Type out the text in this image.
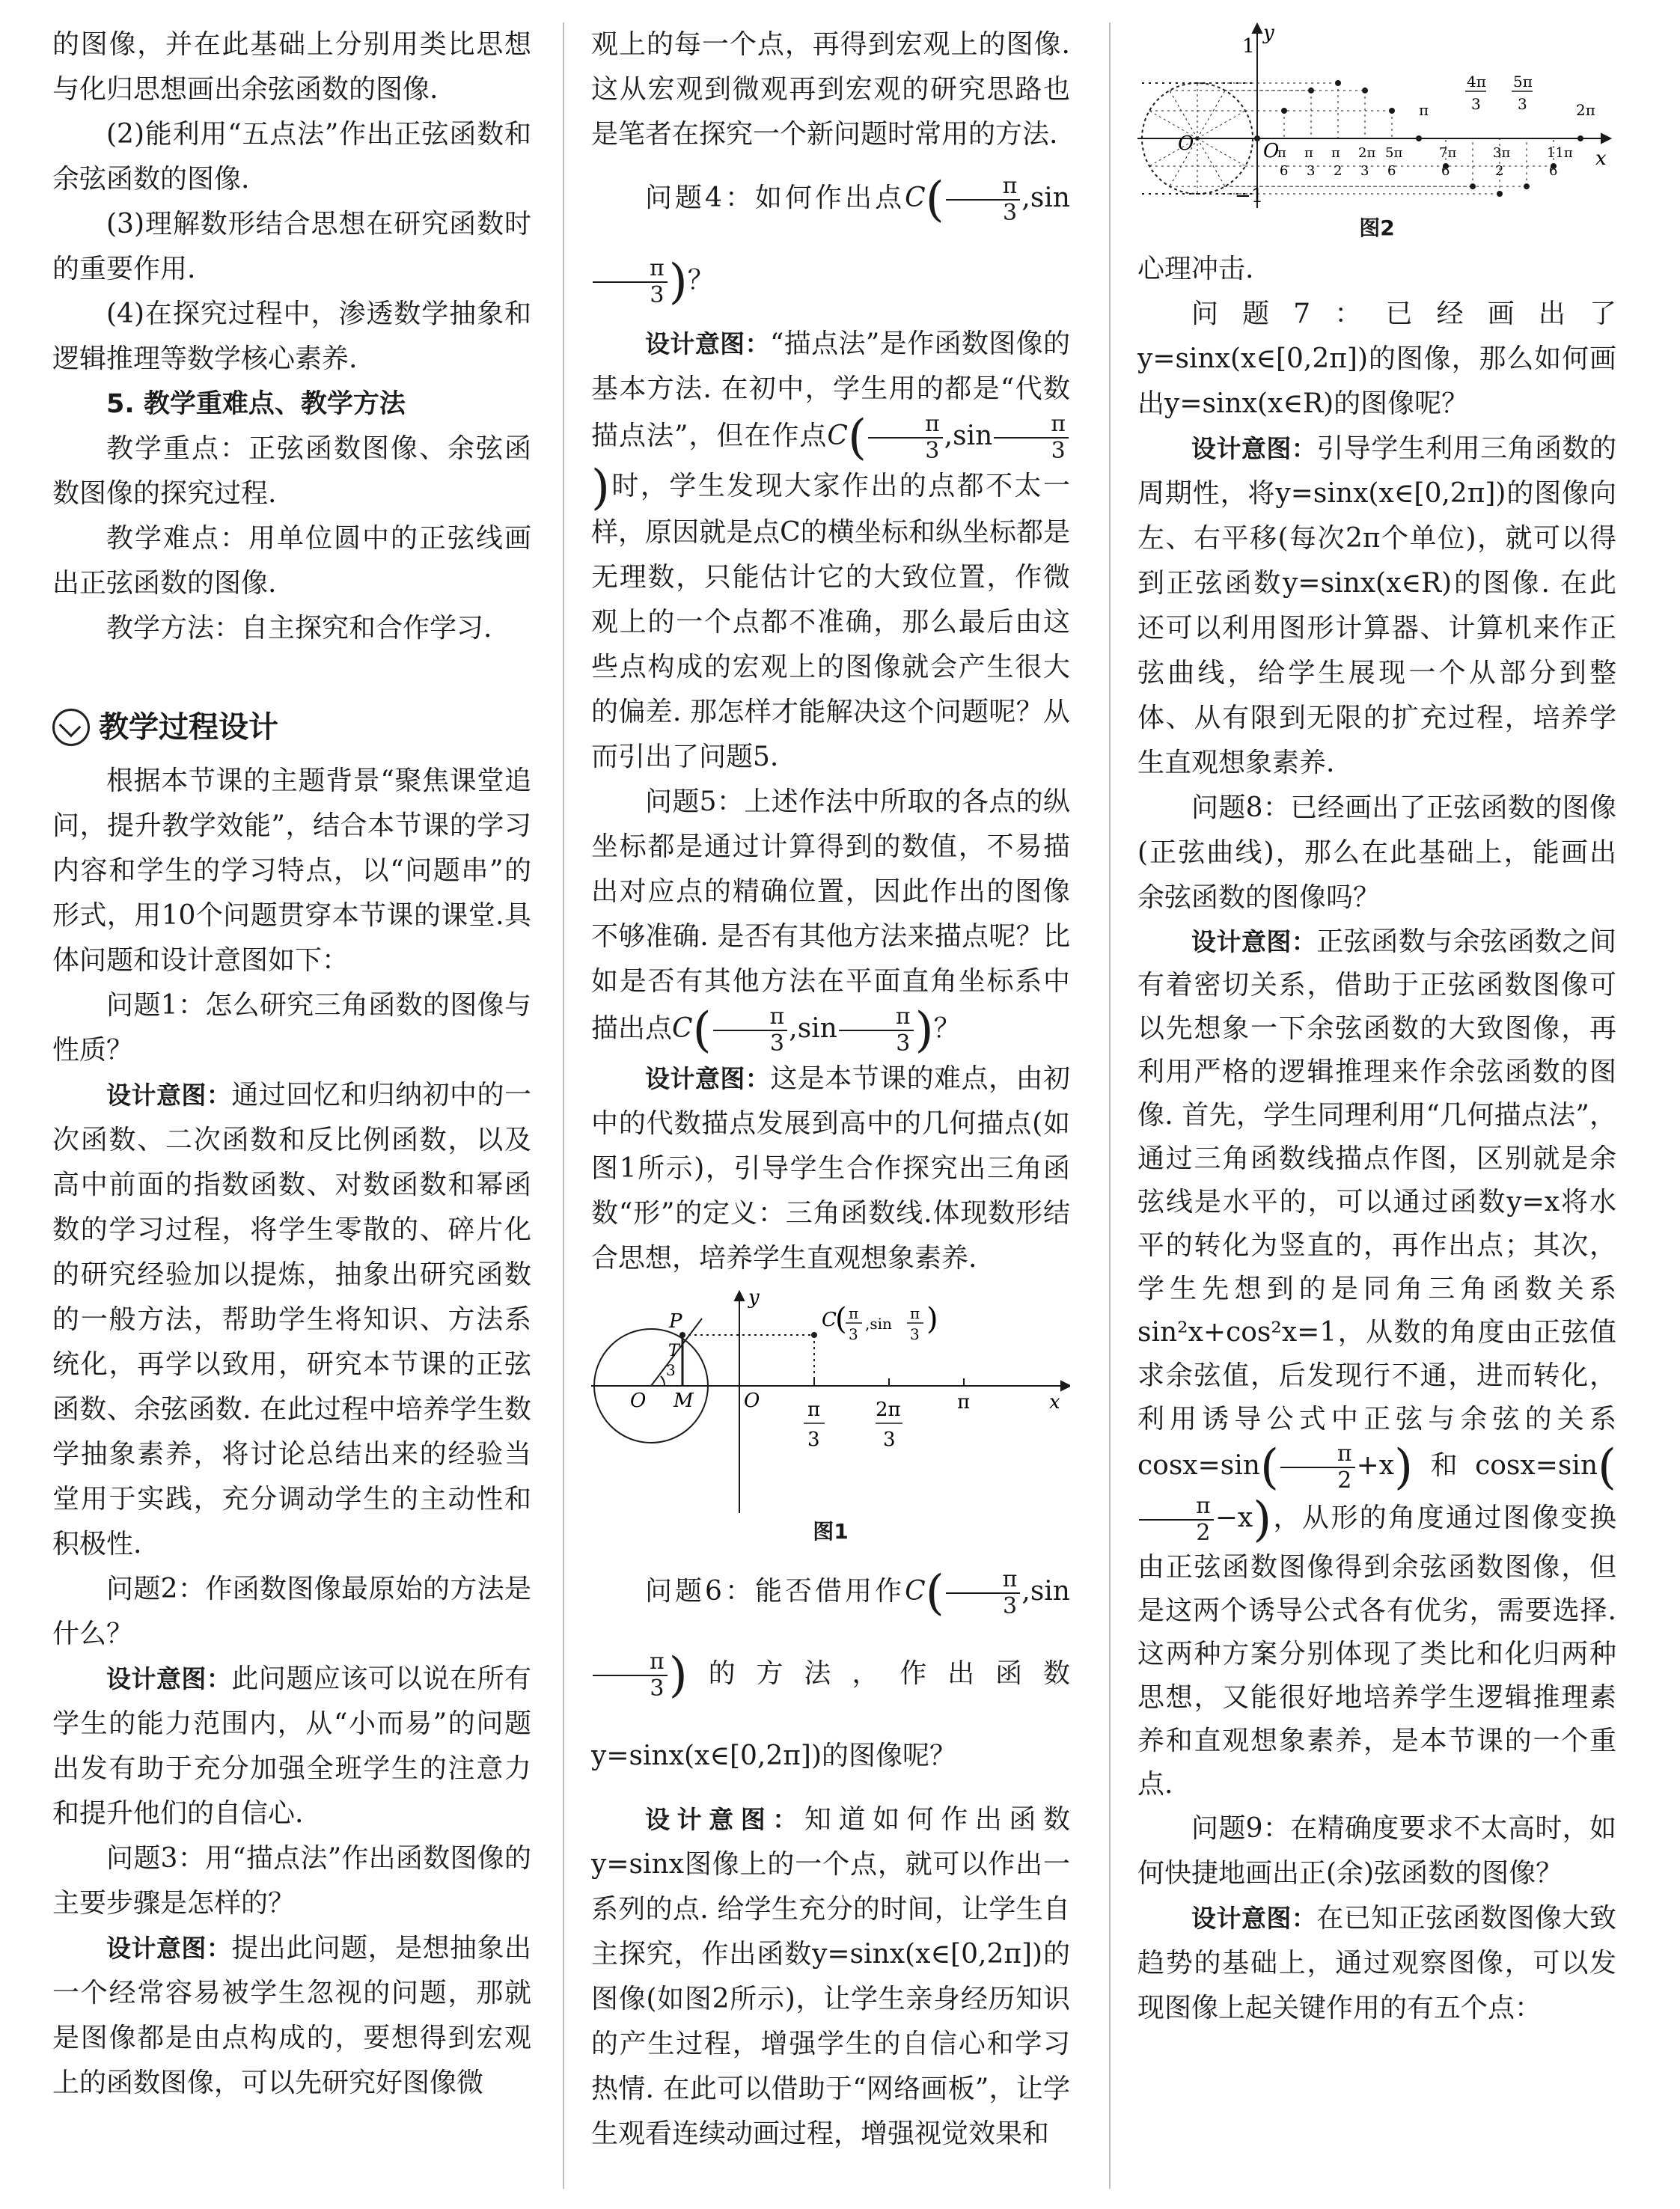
的图像，并在此基础上分别用类比思想与化归思想画出余弦函数的图像.

(2)能利用“五点法”作出正弦函数和余弦函数的图像.

(3)理解数形结合思想在研究函数时的重要作用.

(4)在探究过程中，渗透数学抽象和逻辑推理等数学核心素养.

5. 教学重难点、教学方法

教学重点：正弦函数图像、余弦函数图像的探究过程.

教学难点：用单位圆中的正弦线画出正弦函数的图像.

教学方法：自主探究和合作学习.

教学过程设计

根据本节课的主题背景“聚焦课堂追问，提升教学效能”，结合本节课的学习内容和学生的学习特点，以“问题串”的形式，用10个问题贯穿本节课的课堂.具体问题和设计意图如下：

问题1：怎么研究三角函数的图像与性质？

设计意图：通过回忆和归纳初中的一次函数、二次函数和反比例函数，以及高中前面的指数函数、对数函数和幂函数的学习过程，将学生零散的、碎片化的研究经验加以提炼，抽象出研究函数的一般方法，帮助学生将知识、方法系统化，再学以致用，研究本节课的正弦函数、余弦函数. 在此过程中培养学生数学抽象素养，将讨论总结出来的经验当堂用于实践，充分调动学生的主动性和积极性.

问题2：作函数图像最原始的方法是什么？

设计意图：此问题应该可以说在所有学生的能力范围内，从“小而易”的问题出发有助于充分加强全班学生的注意力和提升他们的自信心.

问题3：用“描点法”作出函数图像的主要步骤是怎样的？

设计意图：提出此问题，是想抽象出一个经常容易被学生忽视的问题，那就是图像都是由点构成的，要想得到宏观上的函数图像，可以先研究好图像微

观上的每一个点，再得到宏观上的图像. 这从宏观到微观再到宏观的研究思路也是笔者在探究一个新问题时常用的方法.

问题4：如何作出点$C( \frac{\pi}{3} ,\sin$
$\frac{\pi}{3}$ )？

设计意图：“描点法”是作函数图像的基本方法. 在初中，学生用的都是“代数描点法”，但在作点$C( \frac{\pi}{3} ,\sin \frac{\pi}{3}$
)时，学生发现大家作出的点都不太一样，原因就是点C的横坐标和纵坐标都是无理数，只能估计它的大致位置，作微观上的一个点都不准确，那么最后由这些点构成的宏观上的图像就会产生很大的偏差. 那怎样才能解决这个问题呢？从而引出了问题5.

问题5：上述作法中所取的各点的纵坐标都是通过计算得到的数值，不易描出对应点的精确位置，因此作出的图像不够准确. 是否有其他方法来描点呢？比如是否有其他方法在平面直角坐标系中描出点$C( \frac{\pi}{3} ,\sin \frac{\pi}{3}$ )？

设计意图：这是本节课的难点，由初中的代数描点发展到高中的几何描点(如图1所示)，引导学生合作探究出三角函数“形”的定义：三角函数线.体现数形结合思想，培养学生直观想象素养.

y
x
P
T
3
O M	O
C
( π
3
,sin
π
3 )
π
3
2π
3
π
图1

问题6：能否借用作$C( \frac{\pi}{3} ,\sin$
$\frac{\pi}{3}$ )的方法，作出函数y=sinx(x∈[0,2π])的图像呢？

设计意图：知道如何作出函数y=sinx图像上的一个点，就可以作出一系列的点. 给学生充分的时间，让学生自主探究，作出函数y=sinx(x∈[0,2π])的图像(如图2所示)，让学生亲身经历知识的产生过程，增强学生的自信心和学习热情. 在此可以借助于“网络画板”，让学生观看连续动画过程，增强视觉效果和

1
−1
y
x
O	O
π
4π
3
5π
3	2π
π
6
π
3
π
2
2π
3
5π
6
7π
6
3π
2
11π
6
图2

心理冲击.

问题7：已经画出了y=sinx(x∈[0,2π])的图像，那么如何画出y=sinx(x∈R)的图像呢？

设计意图：引导学生利用三角函数的周期性，将y=sinx(x∈[0,2π])的图像向左、右平移(每次2π个单位)，就可以得到正弦函数y=sinx(x∈R)的图像. 在此还可以利用图形计算器、计算机来作正弦曲线，给学生展现一个从部分到整体、从有限到无限的扩充过程，培养学生直观想象素养.

问题8：已经画出了正弦函数的图像(正弦曲线)，那么在此基础上，能画出余弦函数的图像吗？

设计意图：正弦函数与余弦函数之间有着密切关系，借助于正弦函数图像可以先想象一下余弦函数的大致图像，再利用严格的逻辑推理来作余弦函数的图像. 首先，学生同理利用“几何描点法”，通过三角函数线描点作图，区别就是余弦线是水平的，可以通过函数y=x将水平的转化为竖直的，再作出点；其次，学生先想到的是同角三角函数关系sin²x+cos²x=1，从数的角度由正弦值求余弦值，后发现行不通，进而转化，利用诱导公式中正弦与余弦的关系$\cos x=\sin( \frac{\pi}{2} +x)$和cosx=sin(
$\frac{\pi}{2} -x$)，从形的角度通过图像变换由正弦函数图像得到余弦函数图像，但是这两个诱导公式各有优劣，需要选择. 这两种方案分别体现了类比和化归两种思想，又能很好地培养学生逻辑推理素养和直观想象素养，是本节课的一个重点.

问题9：在精确度要求不太高时，如何快捷地画出正(余)弦函数的图像？

设计意图：在已知正弦函数图像大致趋势的基础上，通过观察图像，可以发现图像上起关键作用的有五个点：
